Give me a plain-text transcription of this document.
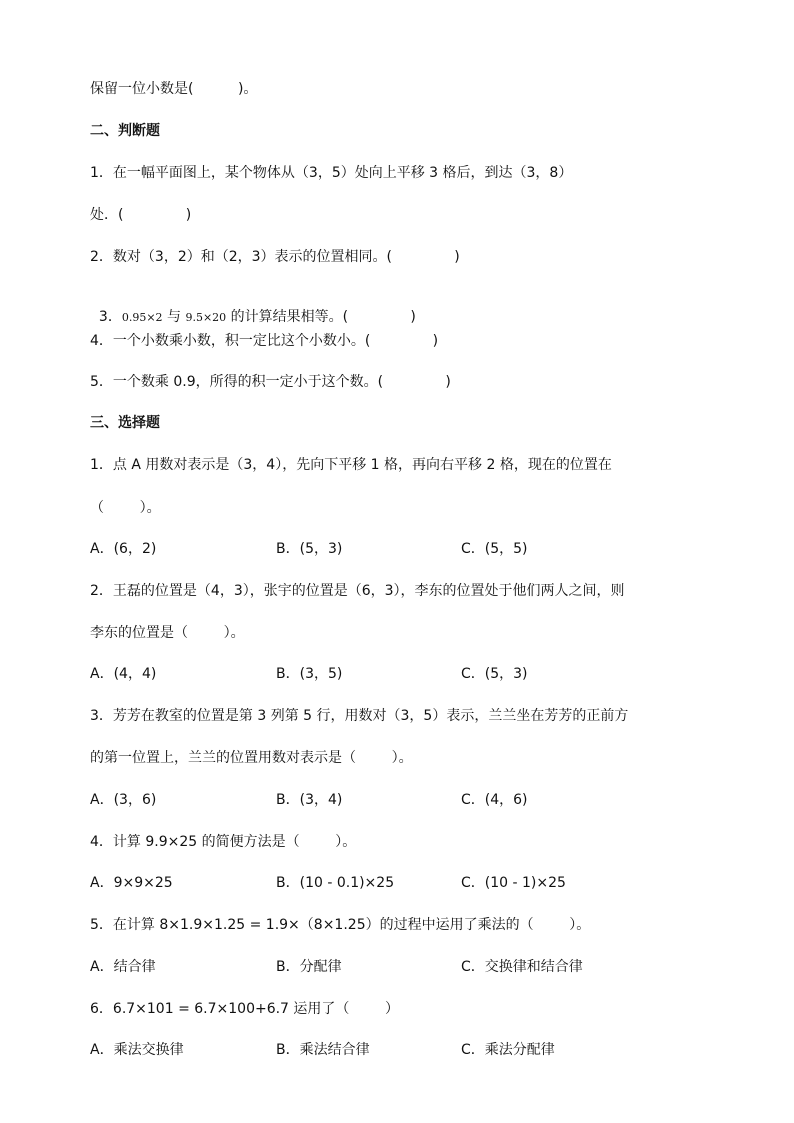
保留一位小数是(          )。
二、判断题
1．在一幅平面图上，某个物体从（3，5）处向上平移 3 格后，到达（3，8）
处．(              )
2．数对（3，2）和（2，3）表示的位置相同。(              )

3．0.95×2 与 9.5×20 的计算结果相等。(              )

4．一个小数乘小数，积一定比这个小数小。(              )
5．一个数乘 0.9，所得的积一定小于这个数。(              )
三、选择题
1．点 A 用数对表示是（3，4），先向下平移 1 格，再向右平移 2 格，现在的位置在
（        ）。
A．(6，2)	B．(5，3)	C．(5，5)
2．王磊的位置是（4，3），张宇的位置是（6，3），李东的位置处于他们两人之间，则
李东的位置是（        ）。
A．(4，4)	B．(3，5)	C．(5，3)
3．芳芳在教室的位置是第 3 列第 5 行，用数对（3，5）表示，兰兰坐在芳芳的正前方
的第一位置上，兰兰的位置用数对表示是（        ）。
A．(3，6)	B．(3，4)	C．(4，6)
4．计算 9.9×25 的简便方法是（        ）。
A．9×9×25	B．(10 - 0.1)×25	C．(10 - 1)×25
5．在计算 8×1.9×1.25 = 1.9×（8×1.25）的过程中运用了乘法的（        ）。
A．结合律	B．分配律	C．交换律和结合律
6．6.7×101 = 6.7×100+6.7 运用了（        ）
A．乘法交换律	B．乘法结合律	C．乘法分配律
